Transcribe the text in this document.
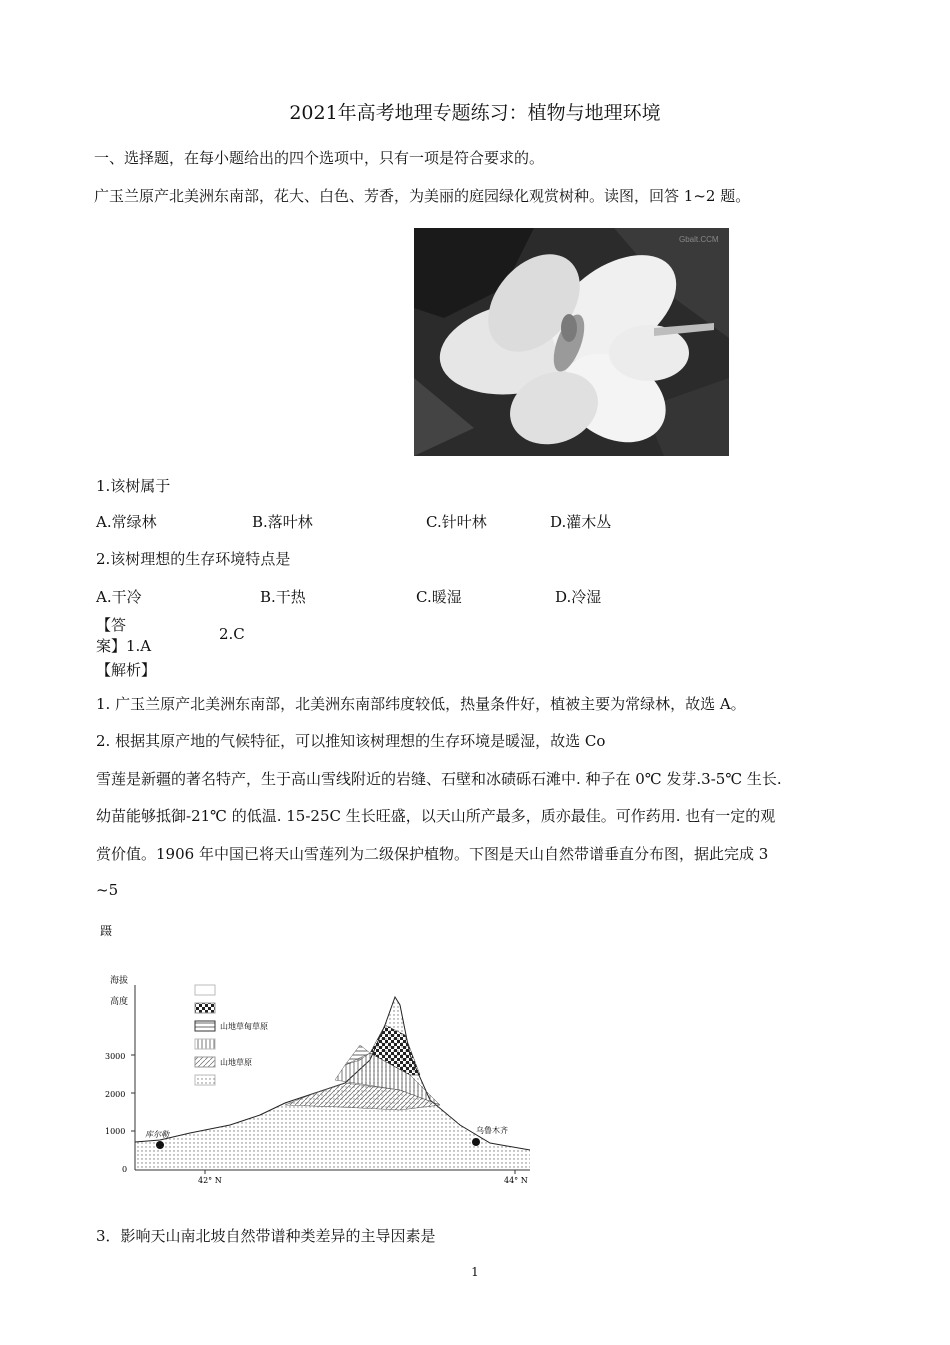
2021年高考地理专题练习：植物与地理环境
一、选择题，在每小题给出的四个选项中，只有一项是符合要求的。
广玉兰原产北美洲东南部，花大、白色、芳香，为美丽的庭园绿化观赏树种。读图，回答 1~2 题。
Gbalt.CCM
1.该树属于
A.常绿林	B.落叶林	C.针叶林	D.灌木丛
2.该树理想的生存环境特点是
A.干冷	B.干热	C.暖湿	D.冷湿
【答
案】1.A
2.C
【解析】
1. 广玉兰原产北美洲东南部，北美洲东南部纬度较低，热量条件好，植被主要为常绿林，故选 A。
2. 根据其原产地的气候特征，可以推知该树理想的生存环境是暖湿，故选 Co
雪莲是新疆的著名特产，生于高山雪线附近的岩缝、石壁和冰碛砾石滩中. 种子在 0℃ 发芽.3-5℃ 生长.
幼苗能够抵御-21℃ 的低温. 15-25C 生长旺盛，以天山所产最多，质亦最佳。可作药用. 也有一定的观
赏价值。1906 年中国已将天山雪莲列为二级保护植物。下图是天山自然带谱垂直分布图，据此完成 3
~5
蹑
海拔
高度
3000
2000
1000
0
库尔勒	乌鲁木齐
山地草甸草原
山地草原
42° N	44° N
3．影响天山南北坡自然带谱种类差异的主导因素是
1
